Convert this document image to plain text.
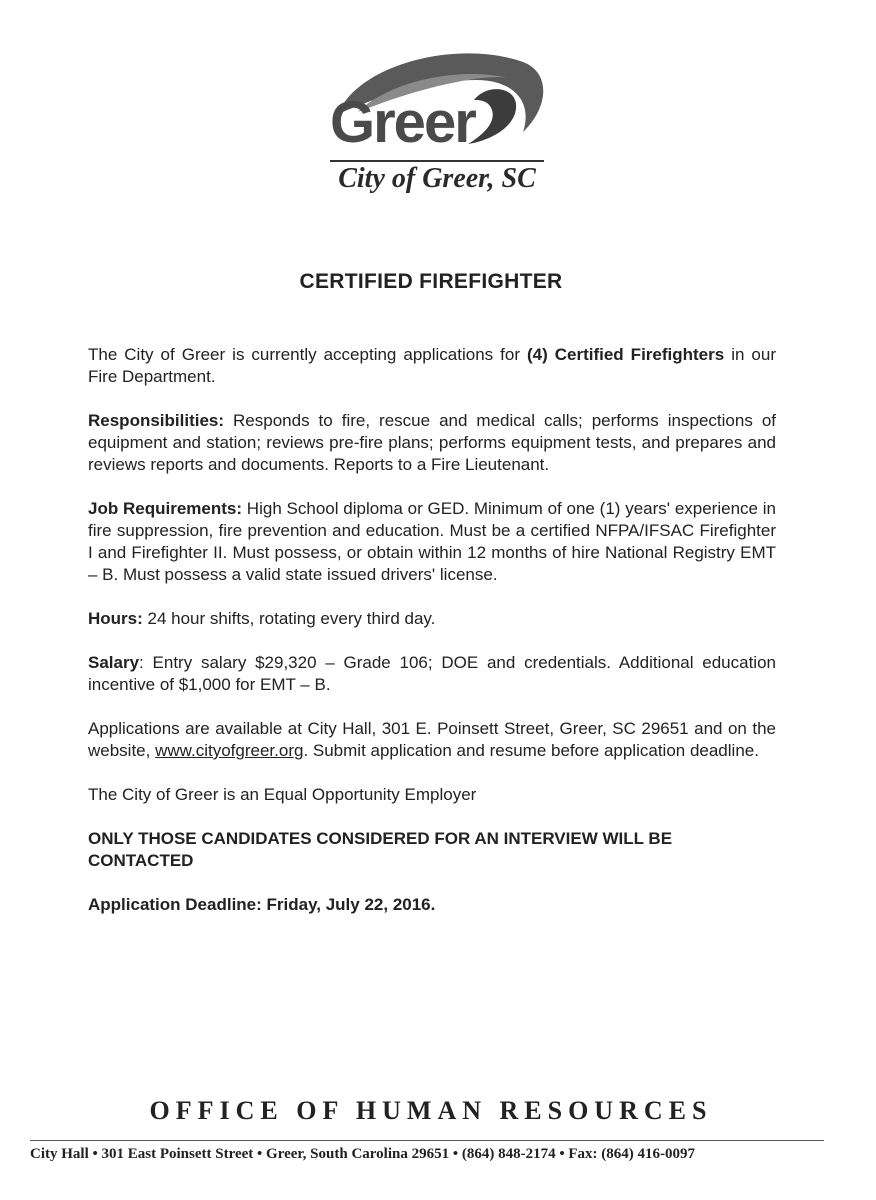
Greer
City of Greer, SC
CERTIFIED FIREFIGHTER

The City of Greer is currently accepting applications for (4) Certified Firefighters in our Fire Department.

Responsibilities: Responds to fire, rescue and medical calls; performs inspections of equipment and station; reviews pre-fire plans; performs equipment tests, and prepares and reviews reports and documents. Reports to a Fire Lieutenant.

Job Requirements: High School diploma or GED. Minimum of one (1) years' experience in fire suppression, fire prevention and education. Must be a certified NFPA/IFSAC Firefighter I and Firefighter II. Must possess, or obtain within 12 months of hire National Registry EMT – B. Must possess a valid state issued drivers' license.

Hours: 24 hour shifts, rotating every third day.

Salary: Entry salary $29,320 – Grade 106; DOE and credentials. Additional education incentive of $1,000 for EMT – B.

Applications are available at City Hall, 301 E. Poinsett Street, Greer, SC 29651 and on the website, www.cityofgreer.org. Submit application and resume before application deadline.

The City of Greer is an Equal Opportunity Employer

ONLY THOSE CANDIDATES CONSIDERED FOR AN INTERVIEW WILL BE CONTACTED

Application Deadline: Friday, July 22, 2016.

OFFICE OF HUMAN RESOURCES
City Hall • 301 East Poinsett Street • Greer, South Carolina 29651 • (864) 848-2174 • Fax: (864) 416-0097
